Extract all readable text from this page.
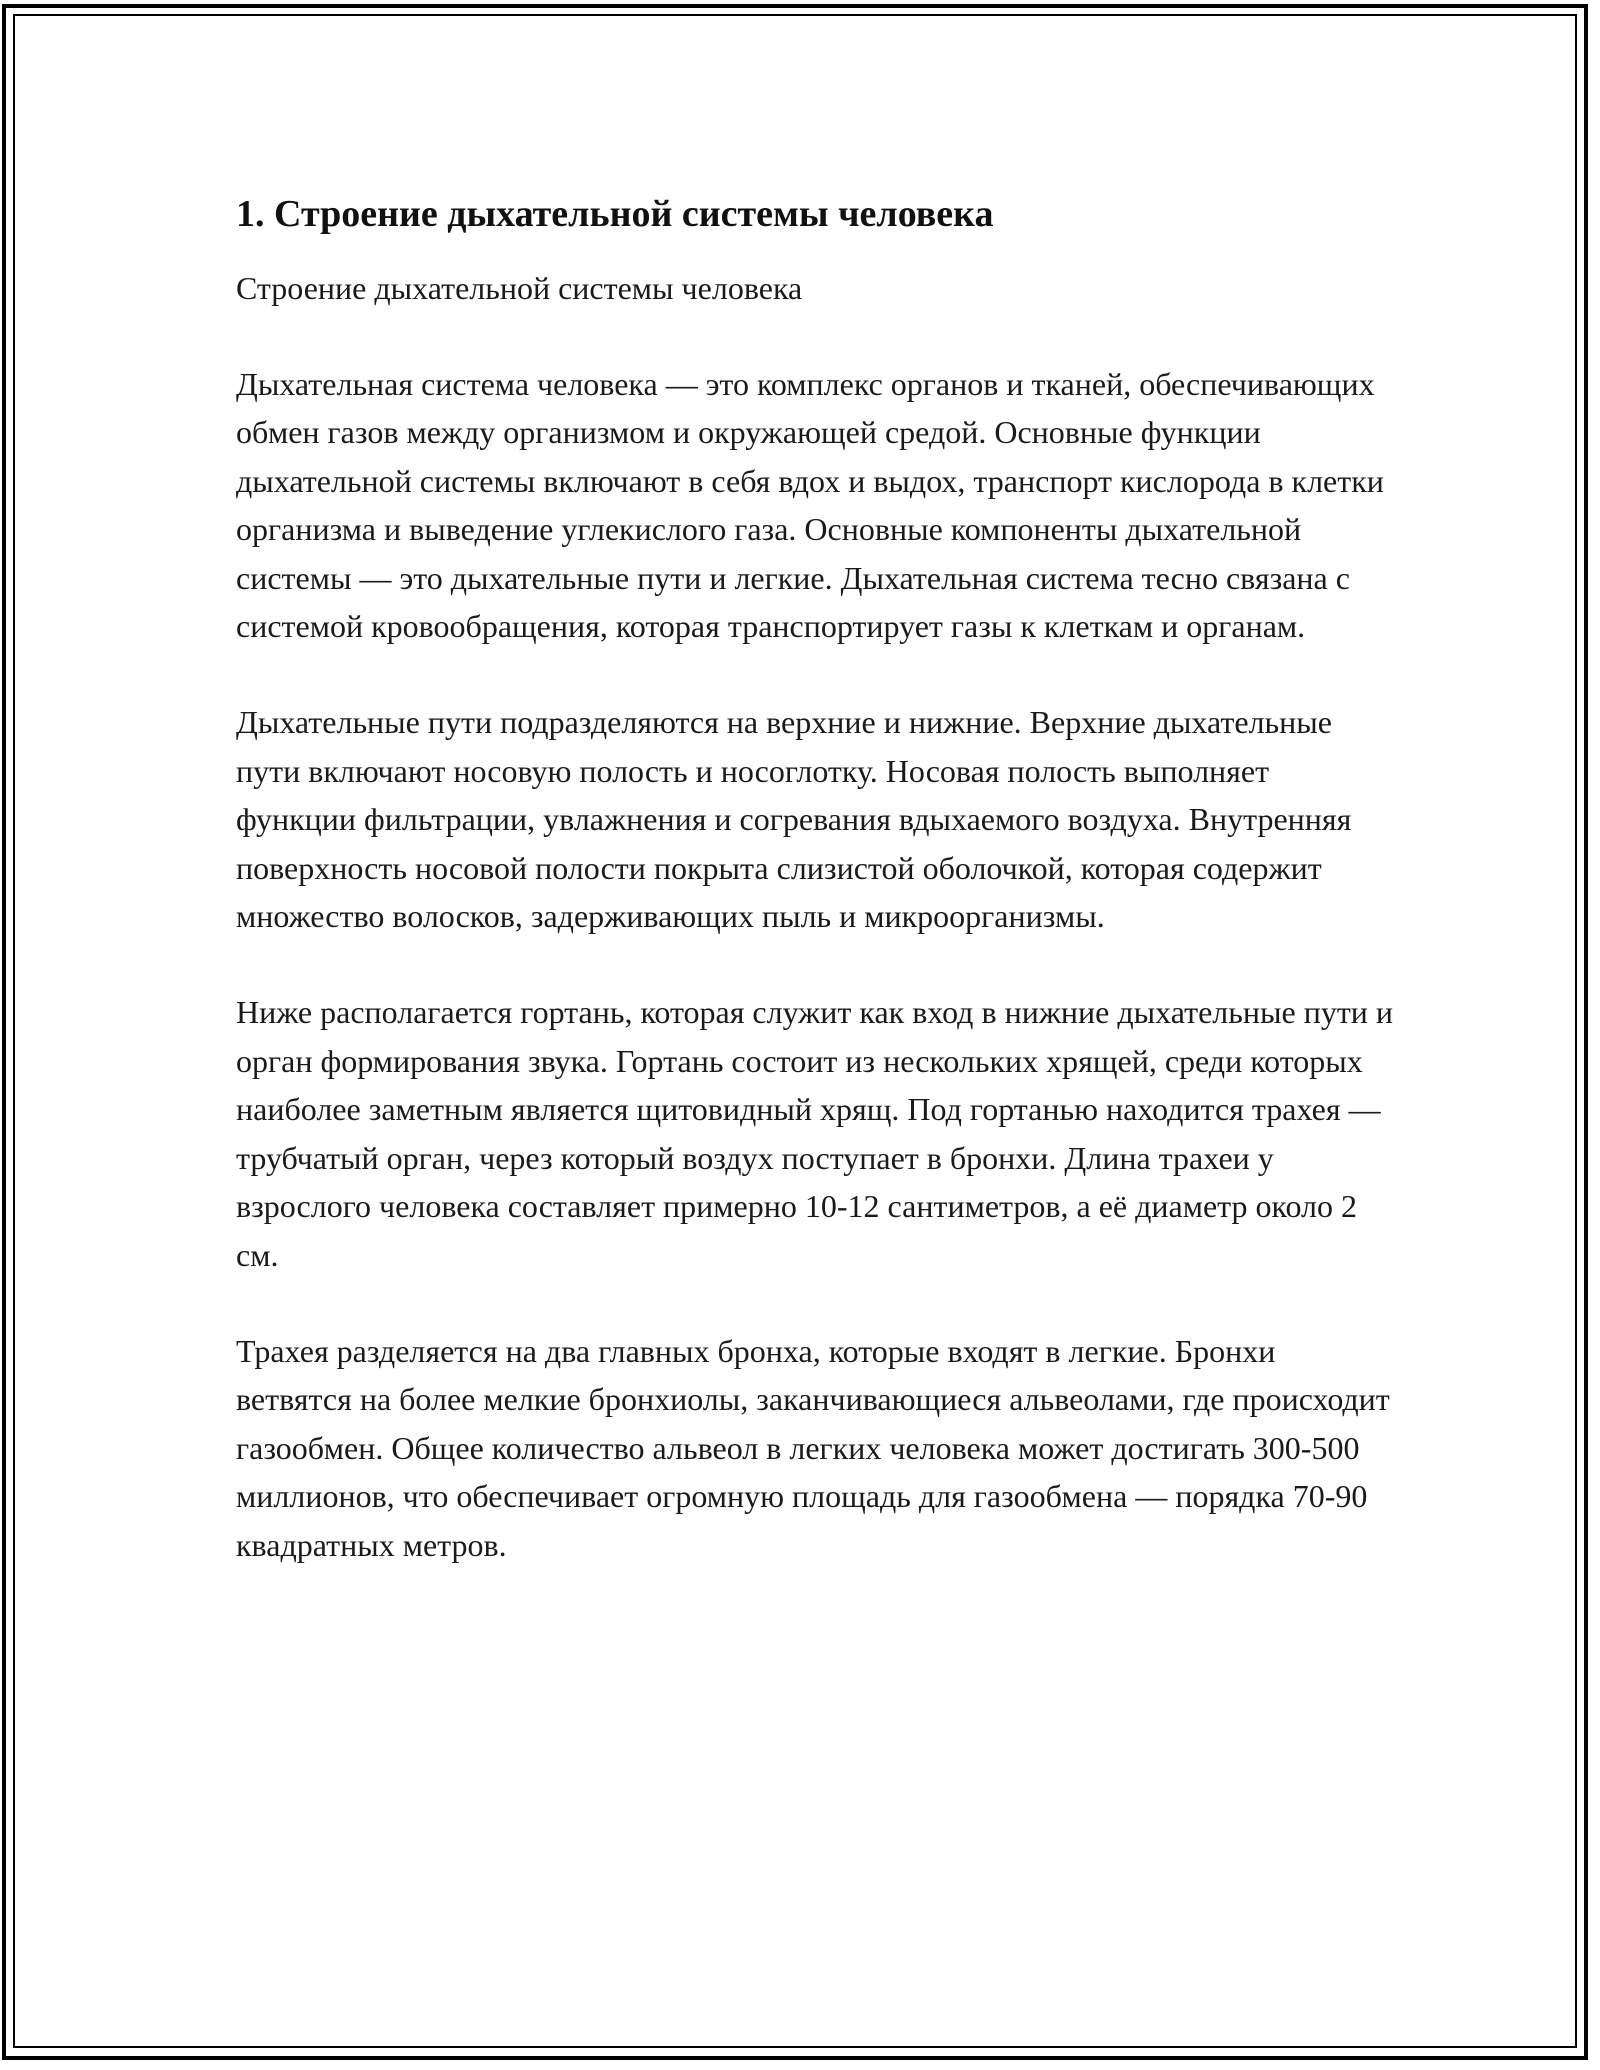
1. Строение дыхательной системы человека
Строение дыхательной системы человека

Дыхательная система человека — это комплекс органов и тканей, обеспечивающих обмен газов между организмом и окружающей средой. Основные функции дыхательной системы включают в себя вдох и выдох, транспорт кислорода в клетки организма и выведение углекислого газа. Основные компоненты дыхательной системы — это дыхательные пути и легкие. Дыхательная система тесно связана с системой кровообращения, которая транспортирует газы к клеткам и органам.

Дыхательные пути подразделяются на верхние и нижние. Верхние дыхательные пути включают носовую полость и носоглотку. Носовая полость выполняет функции фильтрации, увлажнения и согревания вдыхаемого воздуха. Внутренняя поверхность носовой полости покрыта слизистой оболочкой, которая содержит множество волосков, задерживающих пыль и микроорганизмы.

Ниже располагается гортань, которая служит как вход в нижние дыхательные пути и орган формирования звука. Гортань состоит из нескольких хрящей, среди которых наиболее заметным является щитовидный хрящ. Под гортанью находится трахея — трубчатый орган, через который воздух поступает в бронхи. Длина трахеи у взрослого человека составляет примерно 10-12 сантиметров, а её диаметр около 2 см.

Трахея разделяется на два главных бронха, которые входят в легкие. Бронхи ветвятся на более мелкие бронхиолы, заканчивающиеся альвеолами, где происходит газообмен. Общее количество альвеол в легких человека может достигать 300-500 миллионов, что обеспечивает огромную площадь для газообмена — порядка 70-90 квадратных метров.
